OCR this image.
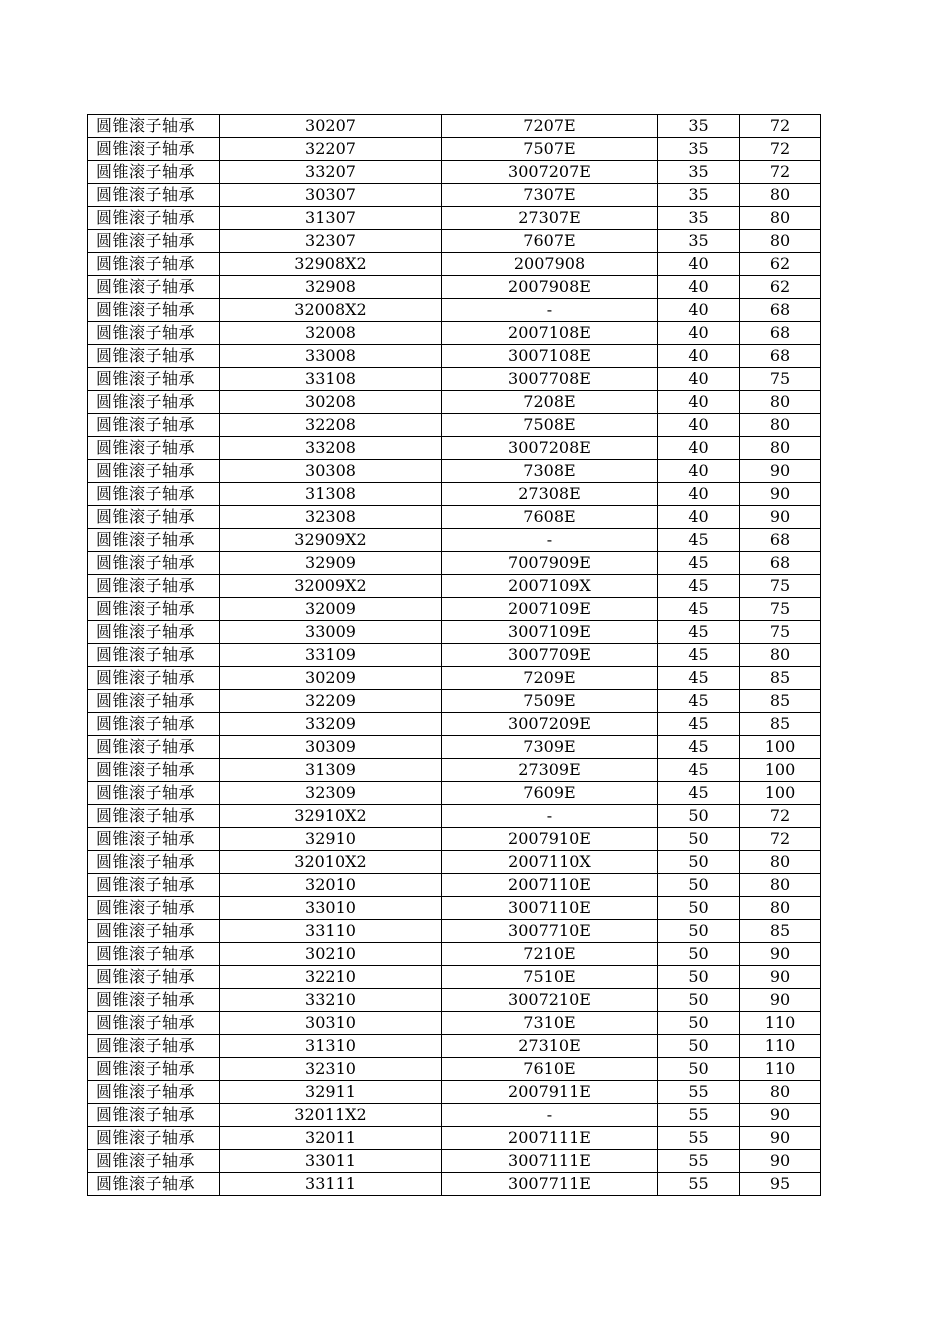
圆锥滚子轴承	30207	7207E	35	72
圆锥滚子轴承	32207	7507E	35	72
圆锥滚子轴承	33207	3007207E	35	72
圆锥滚子轴承	30307	7307E	35	80
圆锥滚子轴承	31307	27307E	35	80
圆锥滚子轴承	32307	7607E	35	80
圆锥滚子轴承	32908X2	2007908	40	62
圆锥滚子轴承	32908	2007908E	40	62
圆锥滚子轴承	32008X2	-	40	68
圆锥滚子轴承	32008	2007108E	40	68
圆锥滚子轴承	33008	3007108E	40	68
圆锥滚子轴承	33108	3007708E	40	75
圆锥滚子轴承	30208	7208E	40	80
圆锥滚子轴承	32208	7508E	40	80
圆锥滚子轴承	33208	3007208E	40	80
圆锥滚子轴承	30308	7308E	40	90
圆锥滚子轴承	31308	27308E	40	90
圆锥滚子轴承	32308	7608E	40	90
圆锥滚子轴承	32909X2	-	45	68
圆锥滚子轴承	32909	7007909E	45	68
圆锥滚子轴承	32009X2	2007109X	45	75
圆锥滚子轴承	32009	2007109E	45	75
圆锥滚子轴承	33009	3007109E	45	75
圆锥滚子轴承	33109	3007709E	45	80
圆锥滚子轴承	30209	7209E	45	85
圆锥滚子轴承	32209	7509E	45	85
圆锥滚子轴承	33209	3007209E	45	85
圆锥滚子轴承	30309	7309E	45	100
圆锥滚子轴承	31309	27309E	45	100
圆锥滚子轴承	32309	7609E	45	100
圆锥滚子轴承	32910X2	-	50	72
圆锥滚子轴承	32910	2007910E	50	72
圆锥滚子轴承	32010X2	2007110X	50	80
圆锥滚子轴承	32010	2007110E	50	80
圆锥滚子轴承	33010	3007110E	50	80
圆锥滚子轴承	33110	3007710E	50	85
圆锥滚子轴承	30210	7210E	50	90
圆锥滚子轴承	32210	7510E	50	90
圆锥滚子轴承	33210	3007210E	50	90
圆锥滚子轴承	30310	7310E	50	110
圆锥滚子轴承	31310	27310E	50	110
圆锥滚子轴承	32310	7610E	50	110
圆锥滚子轴承	32911	2007911E	55	80
圆锥滚子轴承	32011X2	-	55	90
圆锥滚子轴承	32011	2007111E	55	90
圆锥滚子轴承	33011	3007111E	55	90
圆锥滚子轴承	33111	3007711E	55	95
